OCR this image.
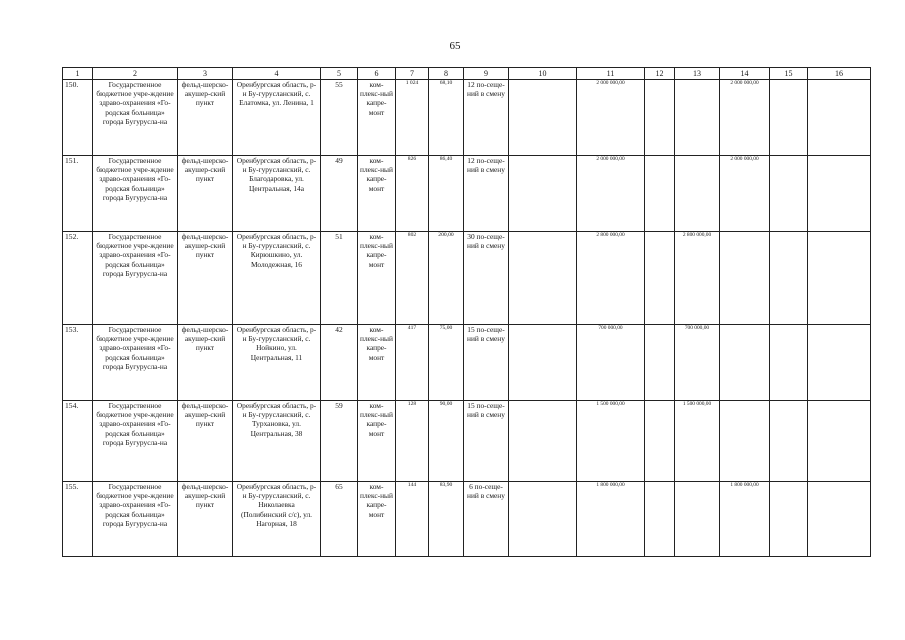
65
1	2	3	4	5	6	7	8	9	10	11	12	13	14	15	16
150.	Государственное бюджетное учре-ждение здраво-охранения «Го-родская больница» города Бугурусла-на	фельд-шерско-акушер-ский пункт	Оренбургская область, р-н Бу-гурусланский, с. Елатомка, ул. Ленина, 1	55	ком-плекс-ный капре-монт	1 024	68,10	12 по-сеще-ний в смену		2 000 000,00			2 000 000,00		
151.	Государственное бюджетное учре-ждение здраво-охранения «Го-родская больница» города Бугурусла-на	фельд-шерско-акушер-ский пункт	Оренбургская область, р-н Бу-гурусланский, с. Благодаровка, ул. Центральная, 14а	49	ком-плекс-ный капре-монт	826	86,40	12 по-сеще-ний в смену		2 000 000,00			2 000 000,00		
152.	Государственное бюджетное учре-ждение здраво-охранения «Го-родская больница» города Бугурусла-на	фельд-шерско-акушер-ский пункт	Оренбургская область, р-н Бу-гурусланский, с. Кирюшкино, ул. Молодежная, 16	51	ком-плекс-ный капре-монт	802	200,00	30 по-сеще-ний в смену		2 800 000,00		2 800 000,00			
153.	Государственное бюджетное учре-ждение здраво-охранения «Го-родская больница» города Бугурусла-на	фельд-шерско-акушер-ский пункт	Оренбургская область, р-н Бу-гурусланский, с. Нойкино, ул. Центральная, 11	42	ком-плекс-ный капре-монт	417	75,00	15 по-сеще-ний в смену		700 000,00		700 000,00			
154.	Государственное бюджетное учре-ждение здраво-охранения «Го-родская больница» города Бугурусла-на	фельд-шерско-акушер-ский пункт	Оренбургская область, р-н Бу-гурусланский, с. Турхановка, ул. Центральная, 38	59	ком-плекс-ный капре-монт	128	90,00	15 по-сеще-ний в смену		1 500 000,00		1 500 000,00			
155.	Государственное бюджетное учре-ждение здраво-охранения «Го-родская больница» города Бугурусла-на	фельд-шерско-акушер-ский пункт	Оренбургская область, р-н Бу-гурусланский, с. Николаевка (Полибинский с/с), ул. Нагорная, 18	65	ком-плекс-ный капре-монт	144	83,90	6 по-сеще-ний в смену		1 800 000,00			1 800 000,00		
